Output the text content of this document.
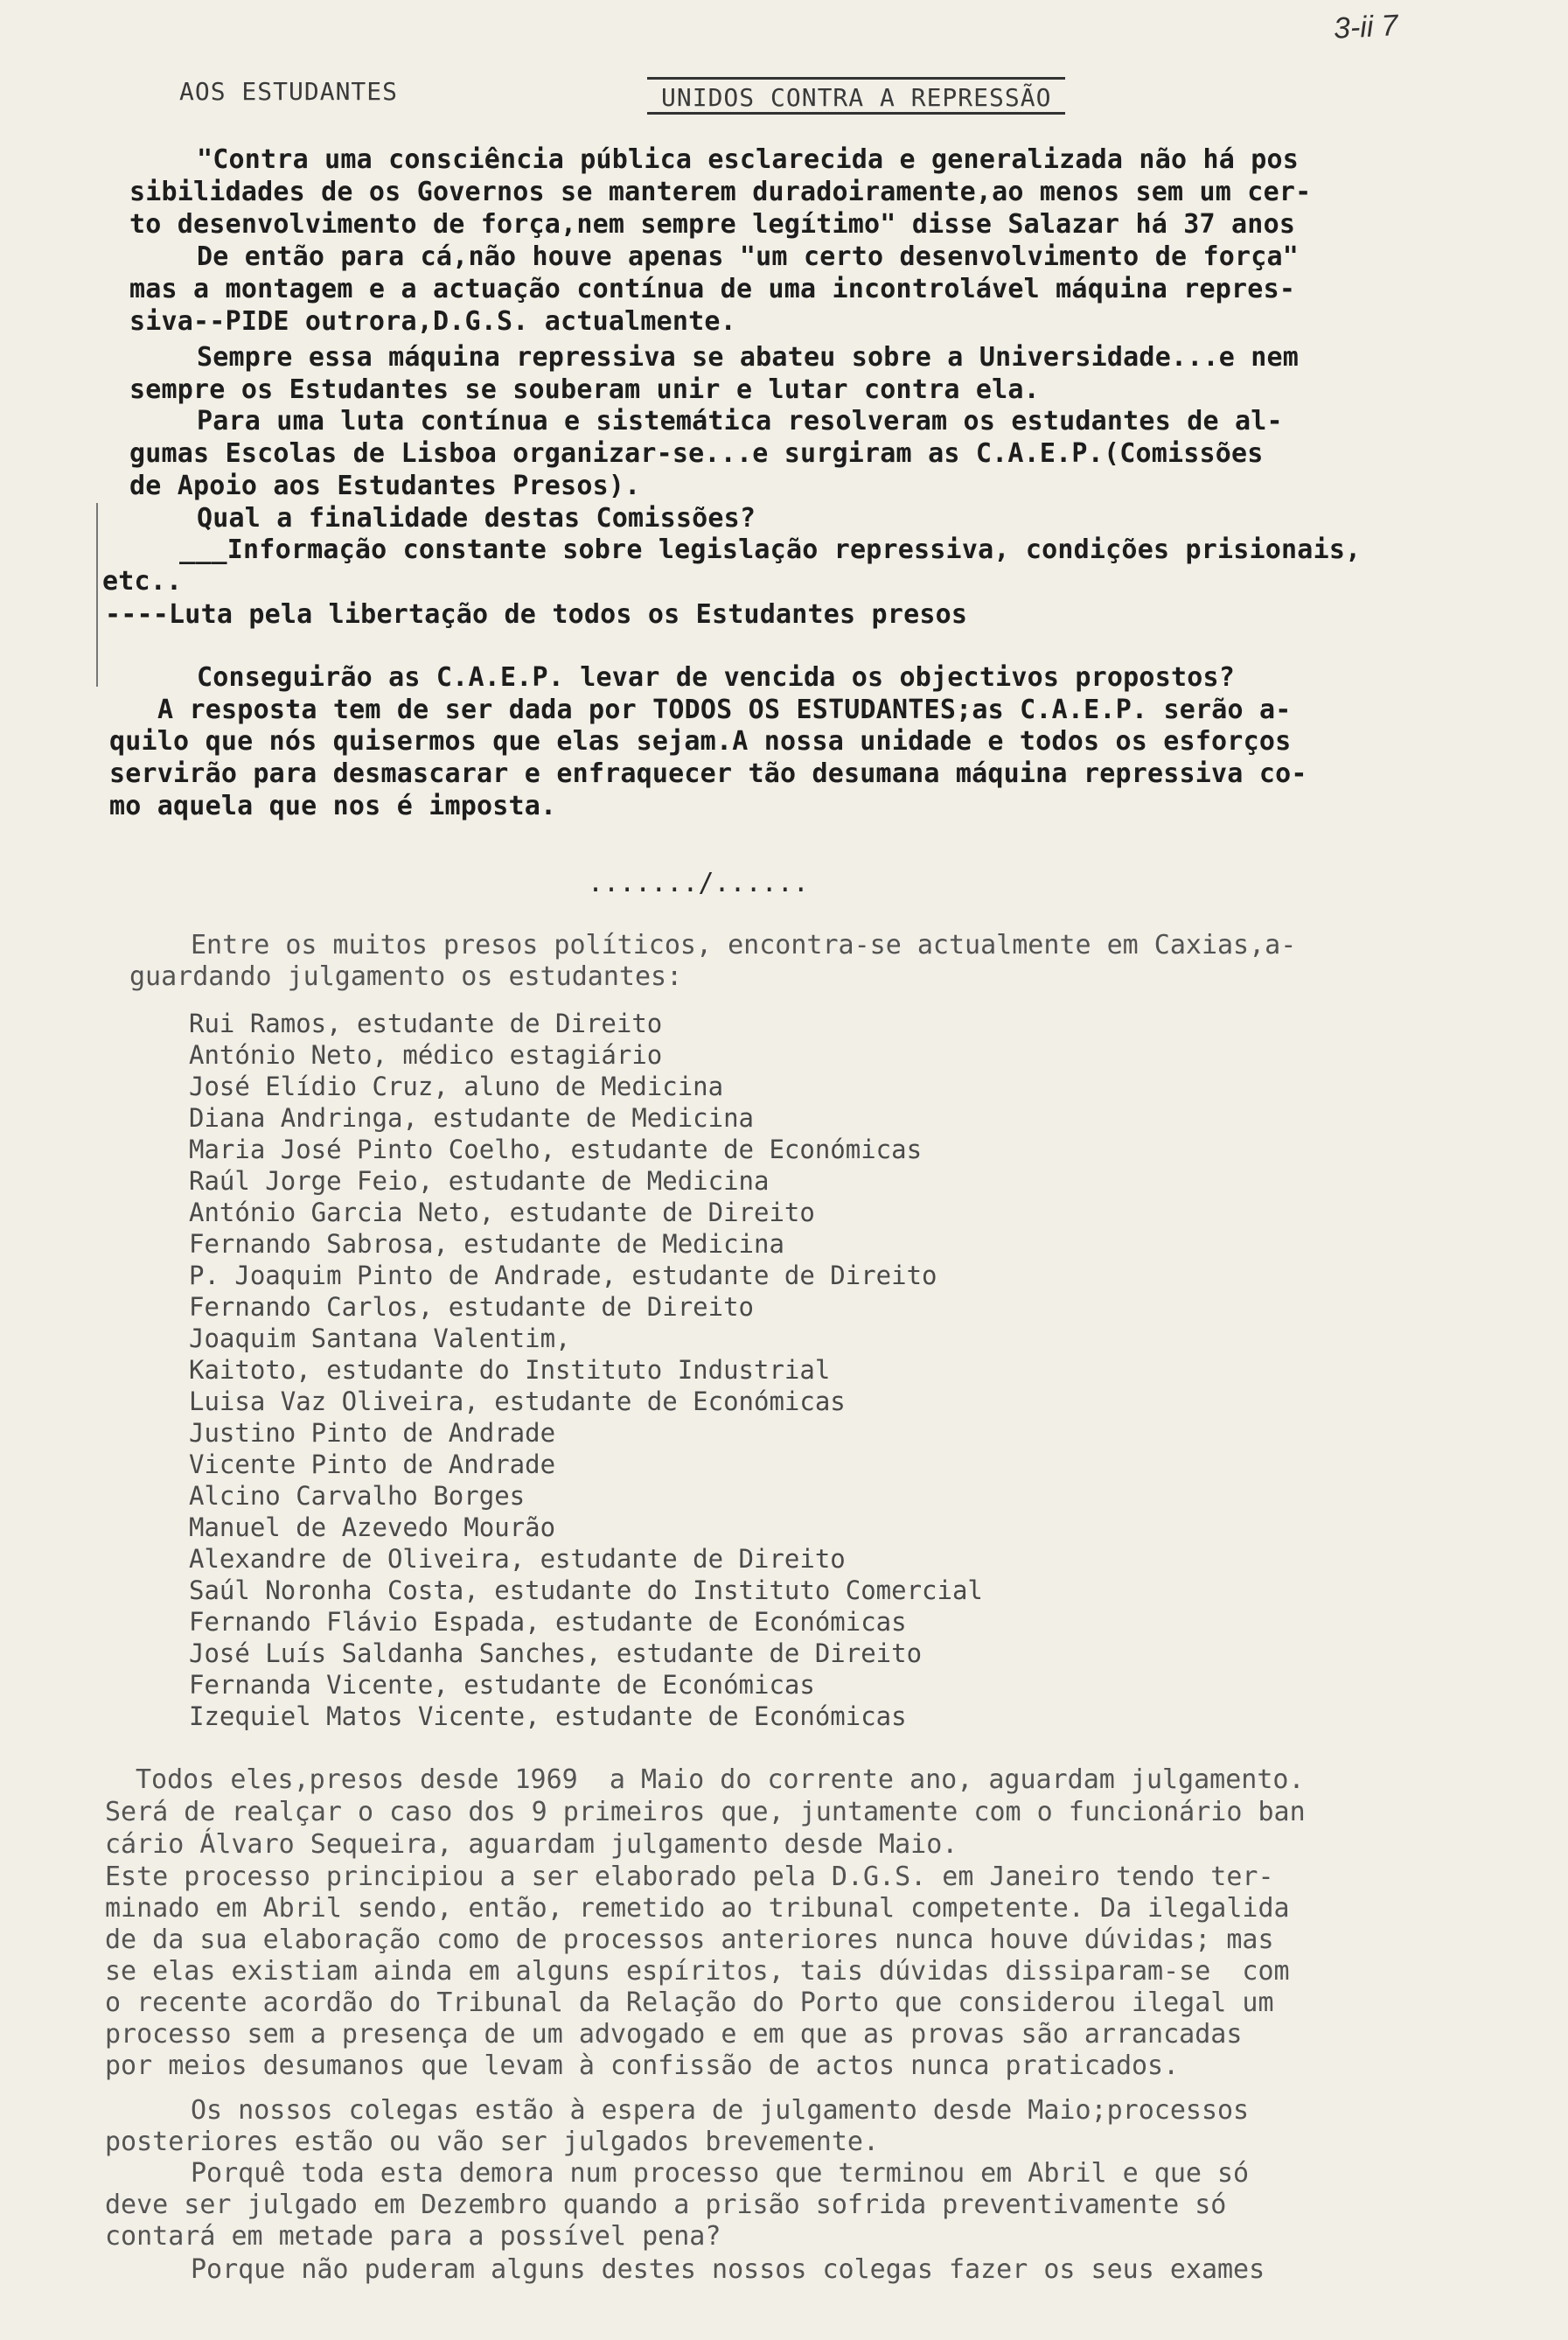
3-ii 7
AOS ESTUDANTES	UNIDOS CONTRA A REPRESSÃO
"Contra uma consciência pública esclarecida e generalizada não há pos
sibilidades de os Governos se manterem duradoiramente,ao menos sem um cer-
to desenvolvimento de força,nem sempre legítimo" disse Salazar há 37 anos
De então para cá,não houve apenas "um certo desenvolvimento de força"
mas a montagem e a actuação contínua de uma incontrolável máquina repres-
siva--PIDE outrora,D.G.S. actualmente.
Sempre essa máquina repressiva se abateu sobre a Universidade...e nem
sempre os Estudantes se souberam unir e lutar contra ela.
Para uma luta contínua e sistemática resolveram os estudantes de al-
gumas Escolas de Lisboa organizar-se...e surgiram as C.A.E.P.(Comissões
de Apoio aos Estudantes Presos).
Qual a finalidade destas Comissões?
___Informação constante sobre legislação repressiva, condições prisionais,
etc..
----Luta pela libertação de todos os Estudantes presos
Conseguirão as C.A.E.P. levar de vencida os objectivos propostos?
A resposta tem de ser dada por TODOS OS ESTUDANTES;as C.A.E.P. serão a-
quilo que nós quisermos que elas sejam.A nossa unidade e todos os esforços
servirão para desmascarar e enfraquecer tão desumana máquina repressiva co-
mo aquela que nos é imposta.
......./......
Entre os muitos presos políticos, encontra-se actualmente em Caxias,a-
guardando julgamento os estudantes:
Rui Ramos, estudante de Direito
António Neto, médico estagiário
José Elídio Cruz, aluno de Medicina
Diana Andringa, estudante de Medicina
Maria José Pinto Coelho, estudante de Económicas
Raúl Jorge Feio, estudante de Medicina
António Garcia Neto, estudante de Direito
Fernando Sabrosa, estudante de Medicina
P. Joaquim Pinto de Andrade, estudante de Direito
Fernando Carlos, estudante de Direito
Joaquim Santana Valentim,
Kaitoto, estudante do Instituto Industrial
Luisa Vaz Oliveira, estudante de Económicas
Justino Pinto de Andrade
Vicente Pinto de Andrade
Alcino Carvalho Borges
Manuel de Azevedo Mourão
Alexandre de Oliveira, estudante de Direito
Saúl Noronha Costa, estudante do Instituto Comercial
Fernando Flávio Espada, estudante de Económicas
José Luís Saldanha Sanches, estudante de Direito
Fernanda Vicente, estudante de Económicas
Izequiel Matos Vicente, estudante de Económicas
Todos eles,presos desde 1969  a Maio do corrente ano, aguardam julgamento.
Será de realçar o caso dos 9 primeiros que, juntamente com o funcionário ban
cário Álvaro Sequeira, aguardam julgamento desde Maio.
Este processo principiou a ser elaborado pela D.G.S. em Janeiro tendo ter-
minado em Abril sendo, então, remetido ao tribunal competente. Da ilegalida
de da sua elaboração como de processos anteriores nunca houve dúvidas; mas
se elas existiam ainda em alguns espíritos, tais dúvidas dissiparam-se  com
o recente acordão do Tribunal da Relação do Porto que considerou ilegal um
processo sem a presença de um advogado e em que as provas são arrancadas
por meios desumanos que levam à confissão de actos nunca praticados.
Os nossos colegas estão à espera de julgamento desde Maio;processos
posteriores estão ou vão ser julgados brevemente.
Porquê toda esta demora num processo que terminou em Abril e que só
deve ser julgado em Dezembro quando a prisão sofrida preventivamente só
contará em metade para a possível pena?
Porque não puderam alguns destes nossos colegas fazer os seus exames
